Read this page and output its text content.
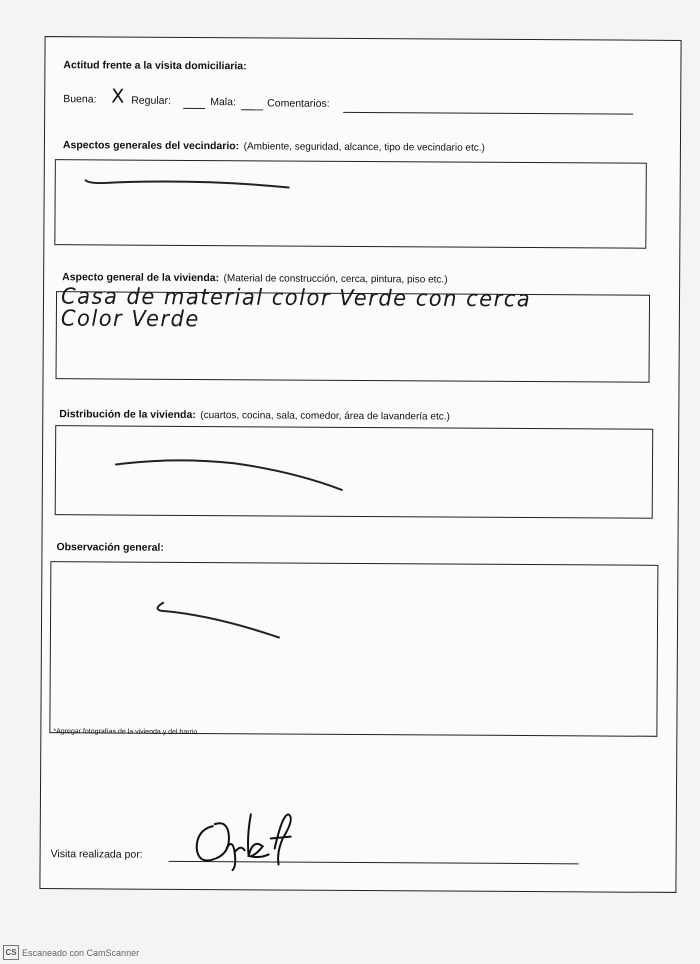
Actitud frente a la visita domiciliaria:
Buena: X Regular:	Mala:	Comentarios:
Aspectos generales del vecindario: (Ambiente, seguridad, alcance, tipo de vecindario etc.)
Aspecto general de la vivienda: (Material de construcción, cerca, pintura, piso etc.)
Casa de material color Verde con cerca
Color Verde
Distribución de la vivienda: (cuartos, cocina, sala, comedor, área de lavandería etc.)
Observación general:
*Agregar fotografías de la vivienda y del barrio
Visita realizada por:
CS Escaneado con CamScanner
